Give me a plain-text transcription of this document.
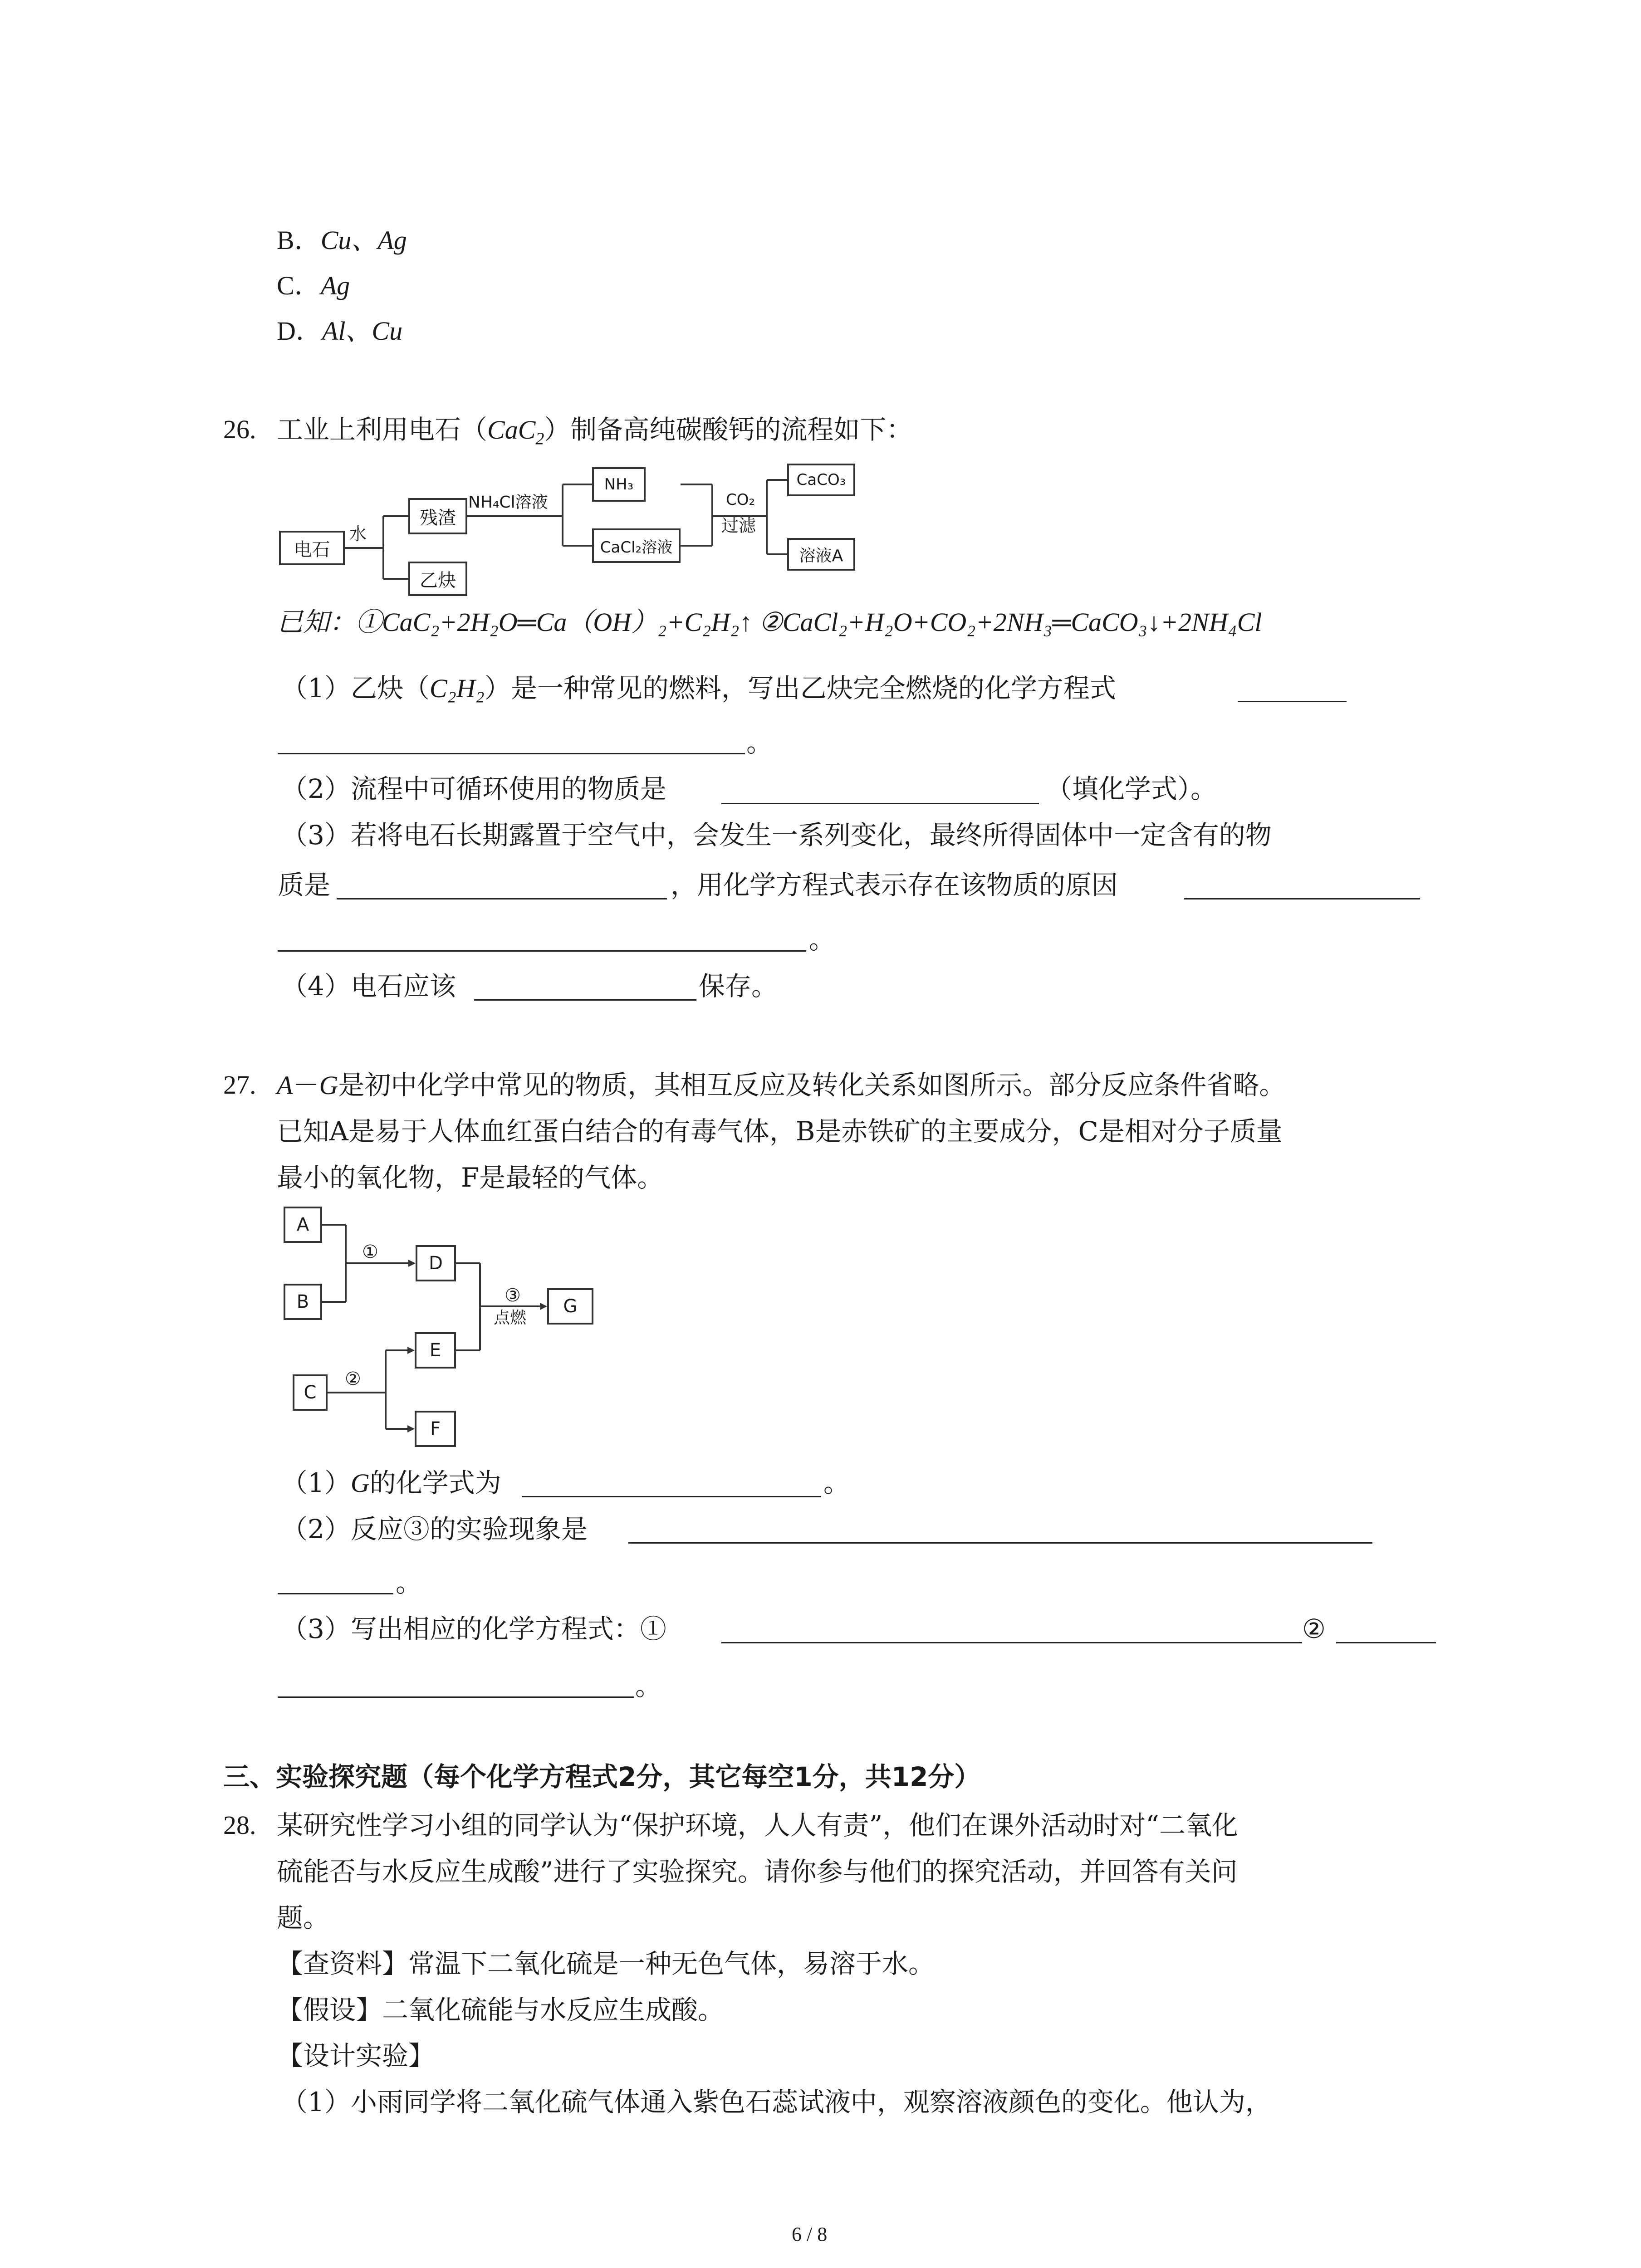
B．Cu、Ag
C．Ag
D．Al、Cu
26. 工业上利用电石（CaC$_2$）制备高纯碳酸钙的流程如下：
电石
水
残渣
乙炔
NH₄Cl溶液
NH₃
CaCl₂溶液
CO₂
过滤
CaCO₃
溶液A
已知：①CaC₂+2H₂O═Ca（OH）₂+C₂H₂↑ ②CaCl₂+H₂O+CO₂+2NH₃═CaCO₃↓+2NH₄Cl
（1）乙炔（C₂H₂）是一种常见的燃料，写出乙炔完全燃烧的化学方程式
。
（2）流程中可循环使用的物质是	（填化学式）。
（3）若将电石长期露置于空气中，会发生一系列变化，最终所得固体中一定含有的物
质是	，用化学方程式表示存在该物质的原因
。
（4）电石应该	保存。
27. A－G是初中化学中常见的物质，其相互反应及转化关系如图所示。部分反应条件省略。
已知A是易于人体血红蛋白结合的有毒气体，B是赤铁矿的主要成分，C是相对分子质量
最小的氧化物，F是最轻的气体。
A
B
①
D
③
点燃
G
E
C
②
F
（1）G的化学式为	。
（2）反应③的实验现象是
。
（3）写出相应的化学方程式：①	②
。
三、实验探究题（每个化学方程式2分，其它每空1分，共12分）
28. 某研究性学习小组的同学认为“保护环境，人人有责”，他们在课外活动时对“二氧化
硫能否与水反应生成酸”进行了实验探究。请你参与他们的探究活动，并回答有关问
题。
【查资料】常温下二氧化硫是一种无色气体，易溶于水。
【假设】二氧化硫能与水反应生成酸。
【设计实验】
（1）小雨同学将二氧化硫气体通入紫色石蕊试液中，观察溶液颜色的变化。他认为，
6 / 8
